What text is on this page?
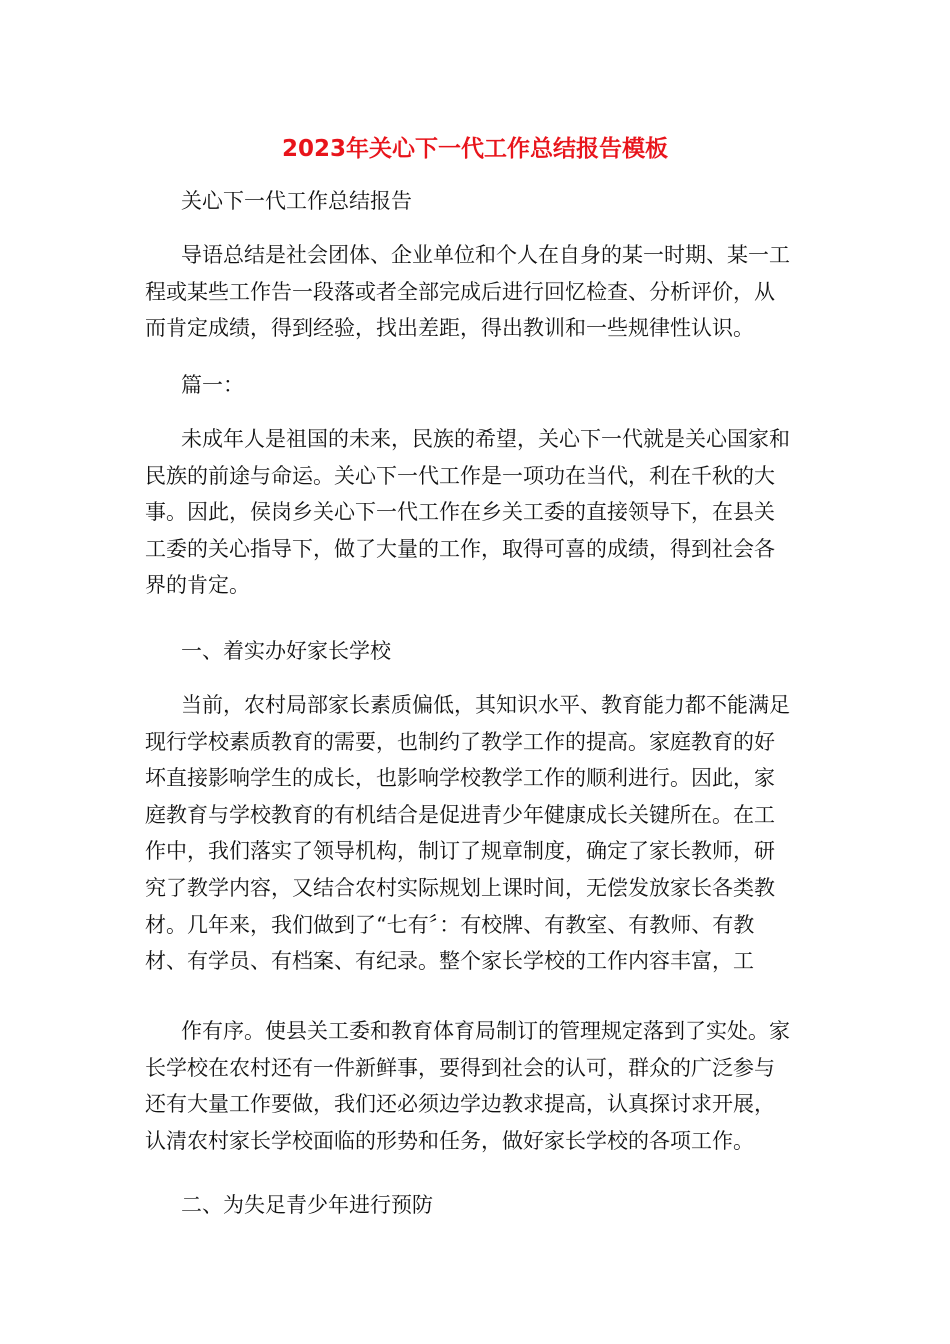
2023年关心下一代工作总结报告模板
关心下一代工作总结报告
导语总结是社会团体、企业单位和个人在自身的某一时期、某一工
程或某些工作告一段落或者全部完成后进行回忆检查、分析评价，从
而肯定成绩，得到经验，找出差距，得出教训和一些规律性认识。
篇一：
未成年人是祖国的未来，民族的希望，关心下一代就是关心国家和
民族的前途与命运。关心下一代工作是一项功在当代，利在千秋的大
事。因此，侯岗乡关心下一代工作在乡关工委的直接领导下，在县关
工委的关心指导下，做了大量的工作，取得可喜的成绩，得到社会各
界的肯定。
一、着实办好家长学校
当前，农村局部家长素质偏低，其知识水平、教育能力都不能满足
现行学校素质教育的需要，也制约了教学工作的提高。家庭教育的好
坏直接影响学生的成长，也影响学校教学工作的顺利进行。因此，家
庭教育与学校教育的有机结合是促进青少年健康成长关键所在。在工
作中，我们落实了领导机构，制订了规章制度，确定了家长教师，研
究了教学内容，又结合农村实际规划上课时间，无偿发放家长各类教
材。几年来，我们做到了“七有〞：有校牌、有教室、有教师、有教
材、有学员、有档案、有纪录。整个家长学校的工作内容丰富，工
作有序。使县关工委和教育体育局制订的管理规定落到了实处。家
长学校在农村还有一件新鲜事，要得到社会的认可，群众的广泛参与
还有大量工作要做，我们还必须边学边教求提高，认真探讨求开展，
认清农村家长学校面临的形势和任务，做好家长学校的各项工作。
二、为失足青少年进行预防
